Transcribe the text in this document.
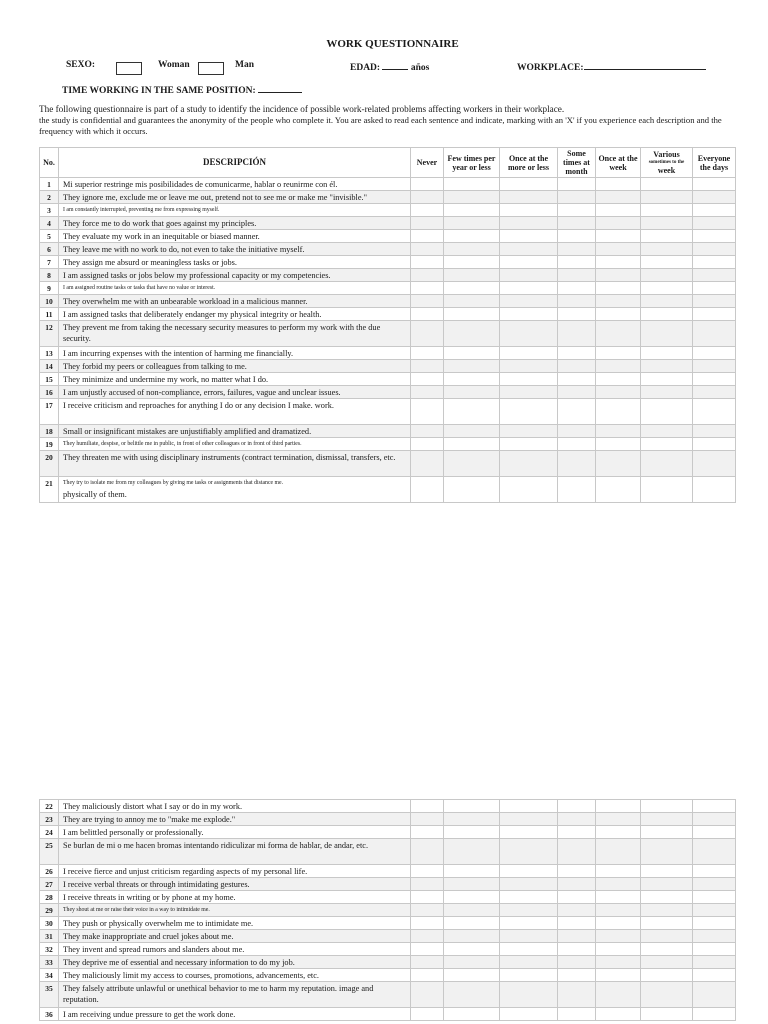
WORK QUESTIONNAIRE
SEXO:	Woman	Man	EDAD:	años	WORKPLACE:
TIME WORKING IN THE SAME POSITION:
The following questionnaire is part of a study to identify the incidence of possible work-related problems affecting workers in their workplace.
the study is confidential and guarantees the anonymity of the people who complete it. You are asked to read each sentence and indicate, marking with an 'X' if you experience each description and the frequency with which it occurs.
No.	DESCRIPCIÓN	Never	Few times per year or less	Once at the more or less	Some times at month	Once at the week	Various
sometimes to the
week	Everyone the days
1	Mi superior restringe mis posibilidades de comunicarme, hablar o reunirme con él.							

2	They ignore me, exclude me or leave me out, pretend not to see me or make me "invisible."							

3	I am constantly interrupted, preventing me from expressing myself.							

4	They force me to do work that goes against my principles.							

5	They evaluate my work in an inequitable or biased manner.							

6	They leave me with no work to do, not even to take the initiative myself.							

7	They assign me absurd or meaningless tasks or jobs.							

8	I am assigned tasks or jobs below my professional capacity or my competencies.							

9	I am assigned routine tasks or tasks that have no value or interest.							

10	They overwhelm me with an unbearable workload in a malicious manner.							

11	I am assigned tasks that deliberately endanger my physical integrity or health.							

12	They prevent me from taking the necessary security measures to perform my work with the due security.							

13	I am incurring expenses with the intention of harming me financially.							

14	They forbid my peers or colleagues from talking to me.							

15	They minimize and undermine my work, no matter what I do.							

16	I am unjustly accused of non-compliance, errors, failures, vague and unclear issues.							

17	I receive criticism and reproaches for anything I do or any decision I make. work.							

18	Small or insignificant mistakes are unjustifiably amplified and dramatized.							

19	They humiliate, despise, or belittle me in public, in front of other colleagues or in front of third parties.							

20	They threaten me with using disciplinary instruments (contract termination, dismissal, transfers, etc.							

21	They try to isolate me from my colleagues by giving me tasks or assignments that distance me.
physically of them.							

22	They maliciously distort what I say or do in my work.							

23	They are trying to annoy me to "make me explode."							

24	I am belittled personally or professionally.							

25	Se burlan de mi o me hacen bromas intentando ridiculizar mi forma de hablar, de andar, etc.							

26	I receive fierce and unjust criticism regarding aspects of my personal life.							

27	I receive verbal threats or through intimidating gestures.							

28	I receive threats in writing or by phone at my home.							

29	They shout at me or raise their voice in a way to intimidate me.							

30	They push or physically overwhelm me to intimidate me.							

31	They make inappropriate and cruel jokes about me.							

32	They invent and spread rumors and slanders about me.							

33	They deprive me of essential and necessary information to do my job.							

34	They maliciously limit my access to courses, promotions, advancements, etc.							

35	They falsely attribute unlawful or unethical behavior to me to harm my reputation. image and reputation.							

36	I am receiving undue pressure to get the work done.							
